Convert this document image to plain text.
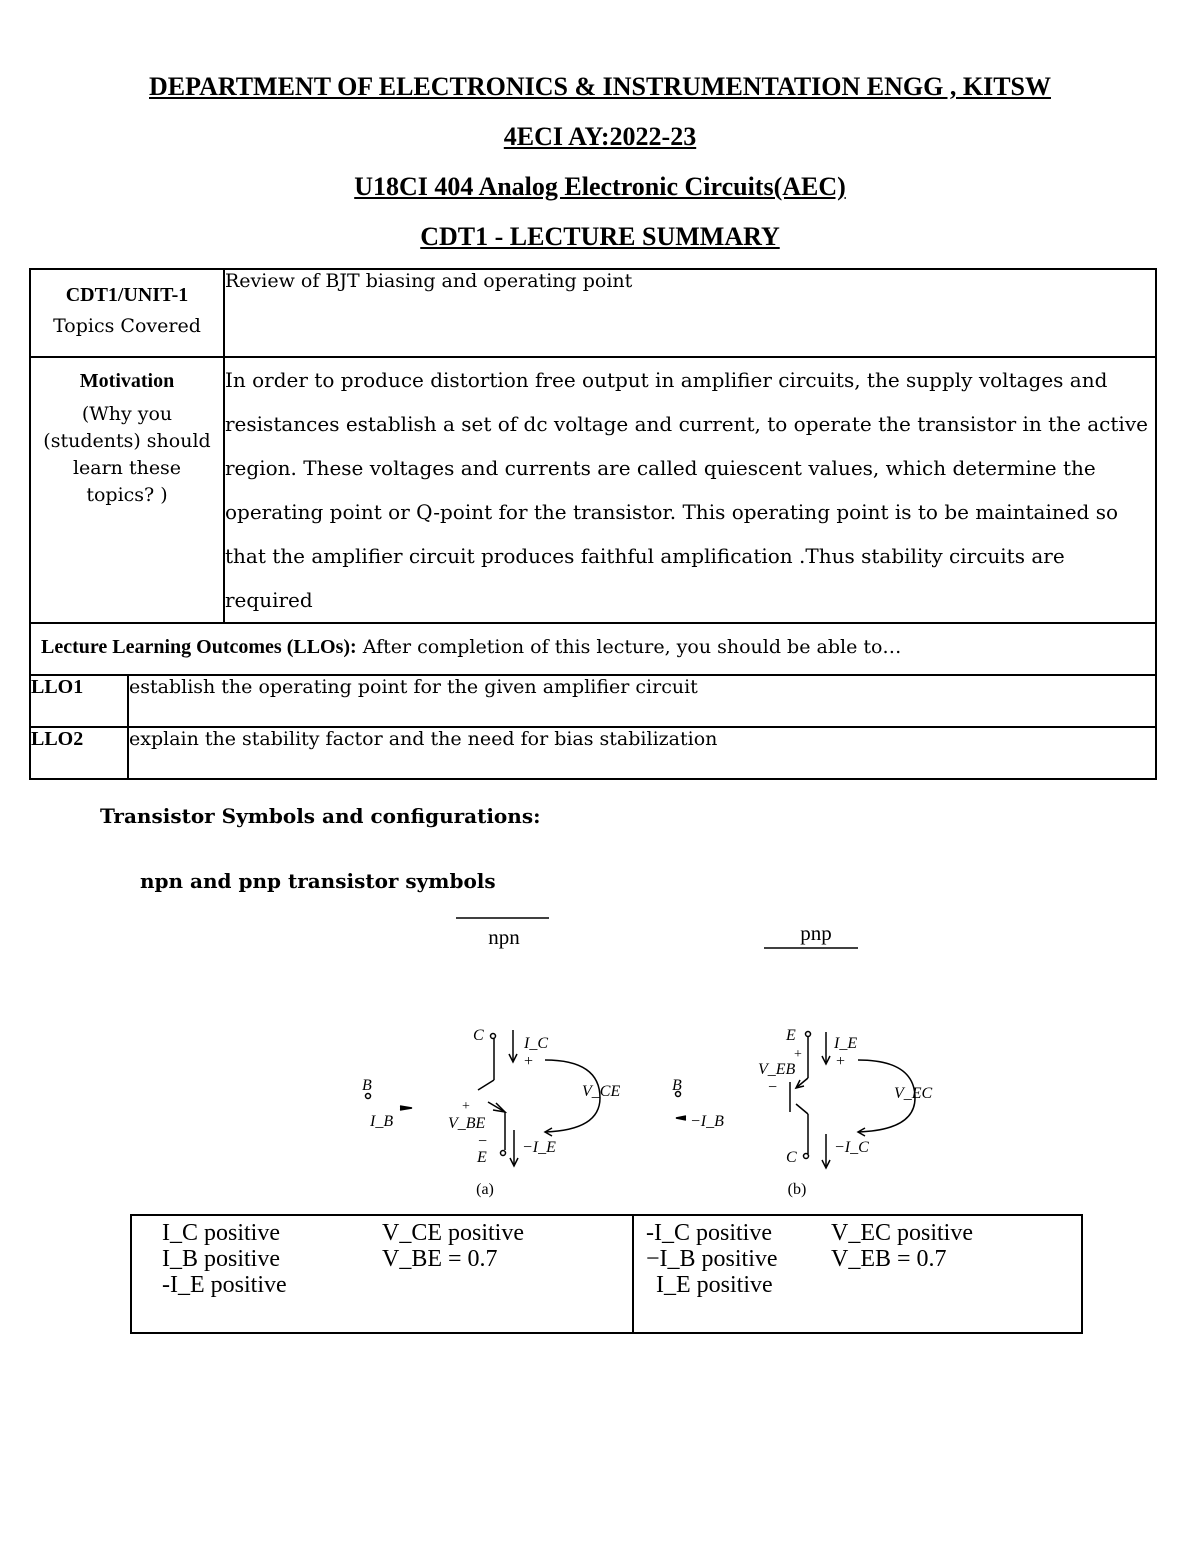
DEPARTMENT OF ELECTRONICS & INSTRUMENTATION ENGG , KITSW
4ECI AY:2022-23
U18CI 404 Analog Electronic Circuits(AEC)
CDT1 - LECTURE SUMMARY
CDT1/UNIT-1
Topics Covered		Review of BJT biasing and operating point

Motivation
(Why you (students) should learn these topics? )		In order to produce distortion free output in amplifier circuits, the supply voltages and resistances establish a set of dc voltage and current, to operate the transistor in the active region. These voltages and currents are called quiescent values, which determine the operating point or Q-point for the transistor. This operating point is to be maintained so that the amplifier circuit produces faithful amplification .Thus stability circuits are required
Lecture Learning Outcomes (LLOs): After completion of this lecture, you should be able to…		
LLO1	establish the operating point for the given amplifier circuit	
LLO2	explain the stability factor and the need for bias stabilization	
Transistor Symbols and configurations:
npn and pnp transistor symbols
npn	pnp
C	I_C
+
B
I_B
V_CE
+
V_BE
−
E
−I_E
(a)
E I_E
+
+
V_EB
−
B
−I_B
V_EC
C
−I_C
(b)
I_C positive	V_CE positive
I_B positive	V_BE = 0.7
-I_E positive

-I_C positive	V_EC positive
−I_B positive	V_EB = 0.7
I_E positive
